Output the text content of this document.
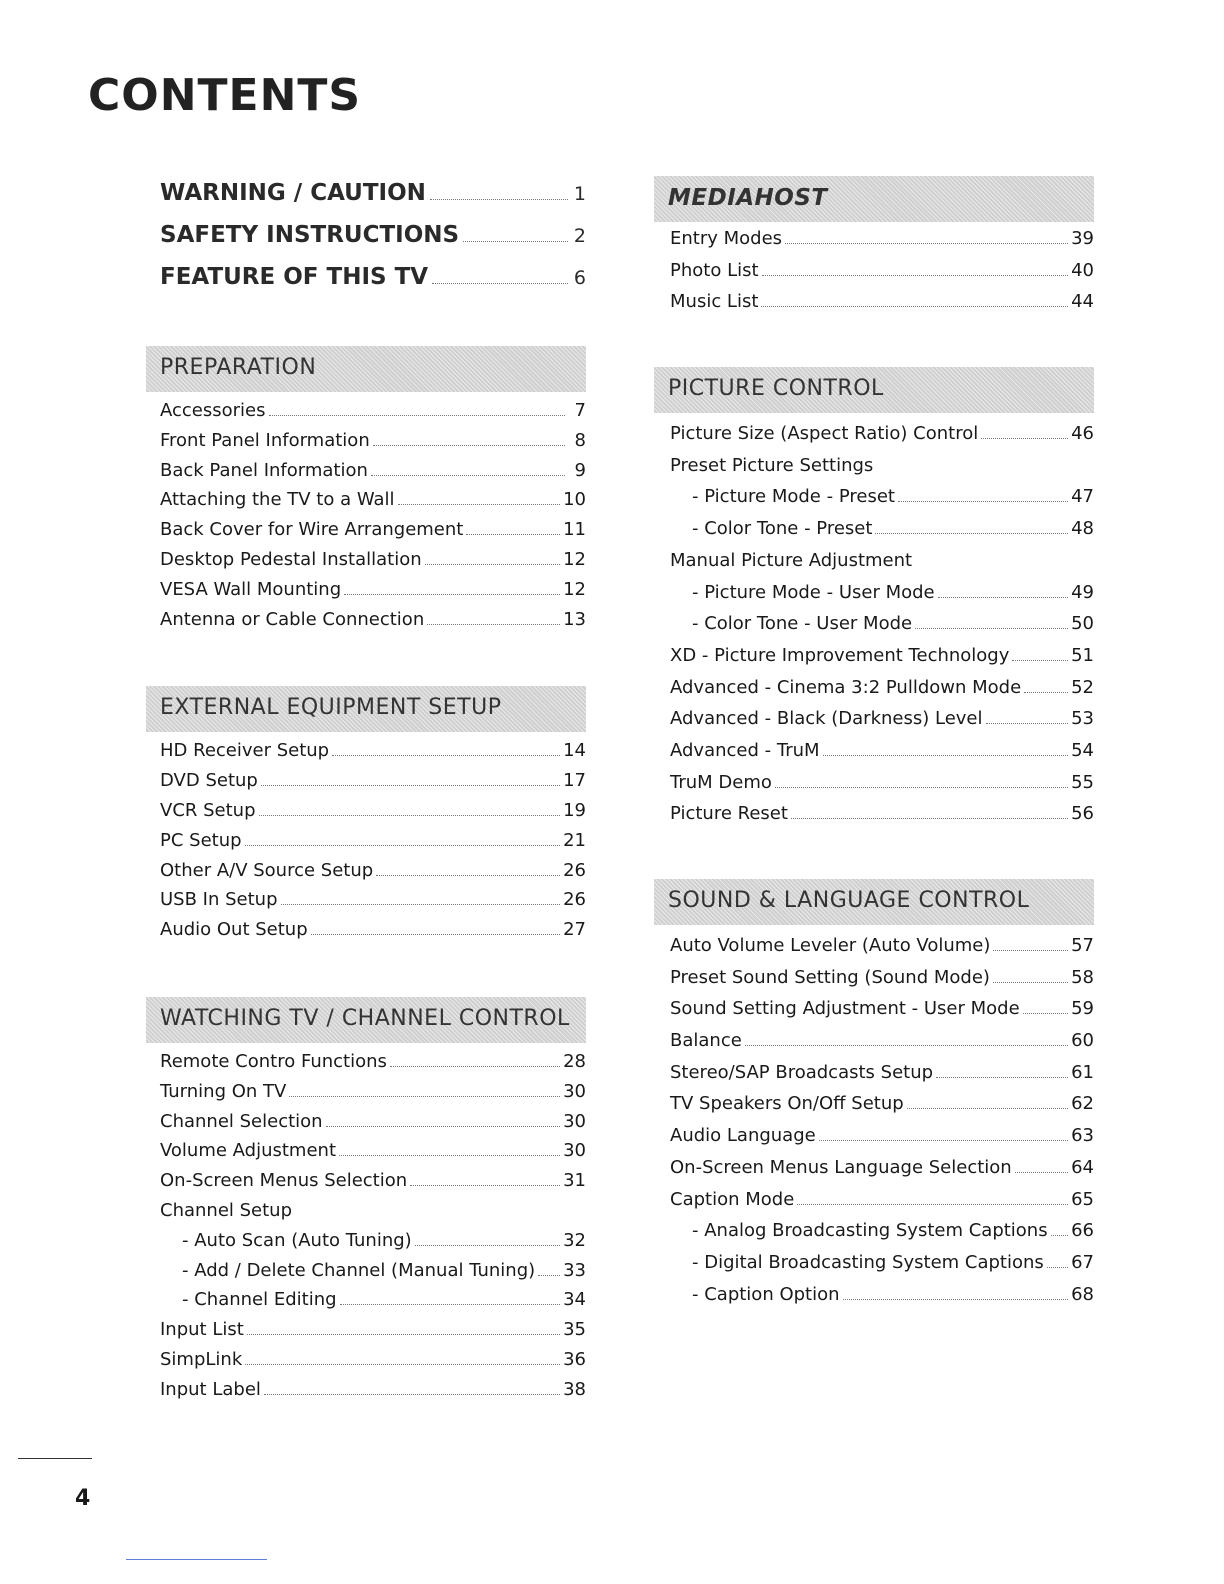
CONTENTS
WARNING / CAUTION	1
SAFETY INSTRUCTIONS	2
FEATURE OF THIS TV	6
PREPARATION
Accessories	7
Front Panel Information	8
Back Panel Information	9
Attaching the TV to a Wall	10
Back Cover for Wire Arrangement	11
Desktop Pedestal Installation	12
VESA Wall Mounting	12
Antenna or Cable Connection	13
EXTERNAL EQUIPMENT SETUP
HD Receiver Setup	14
DVD Setup	17
VCR Setup	19
PC Setup	21
Other A/V Source Setup	26
USB In Setup	26
Audio Out Setup	27
WATCHING TV / CHANNEL CONTROL
Remote Contro Functions	28
Turning On TV	30
Channel Selection	30
Volume Adjustment	30
On-Screen Menus Selection	31
Channel Setup
- Auto Scan (Auto Tuning)	32
- Add / Delete Channel (Manual Tuning) 33
- Channel Editing	34
Input List	35
SimpLink	36
Input Label	38
MEDIAHOST
Entry Modes	39
Photo List	40
Music List	44
PICTURE CONTROL
Picture Size (Aspect Ratio) Control	46
Preset Picture Settings
- Picture Mode - Preset	47
- Color Tone - Preset	48
Manual Picture Adjustment
- Picture Mode - User Mode	49
- Color Tone - User Mode	50
XD - Picture Improvement Technology	51
Advanced - Cinema 3:2 Pulldown Mode	52
Advanced - Black (Darkness) Level	53
Advanced - TruM	54
TruM Demo	55
Picture Reset	56
SOUND & LANGUAGE CONTROL
Auto Volume Leveler (Auto Volume)	57
Preset Sound Setting (Sound Mode)	58
Sound Setting Adjustment - User Mode	59
Balance	60
Stereo/SAP Broadcasts Setup	61
TV Speakers On/Off Setup	62
Audio Language	63
On-Screen Menus Language Selection	64
Caption Mode	65
- Analog Broadcasting System Captions 66
- Digital Broadcasting System Captions 67
- Caption Option	68
4
